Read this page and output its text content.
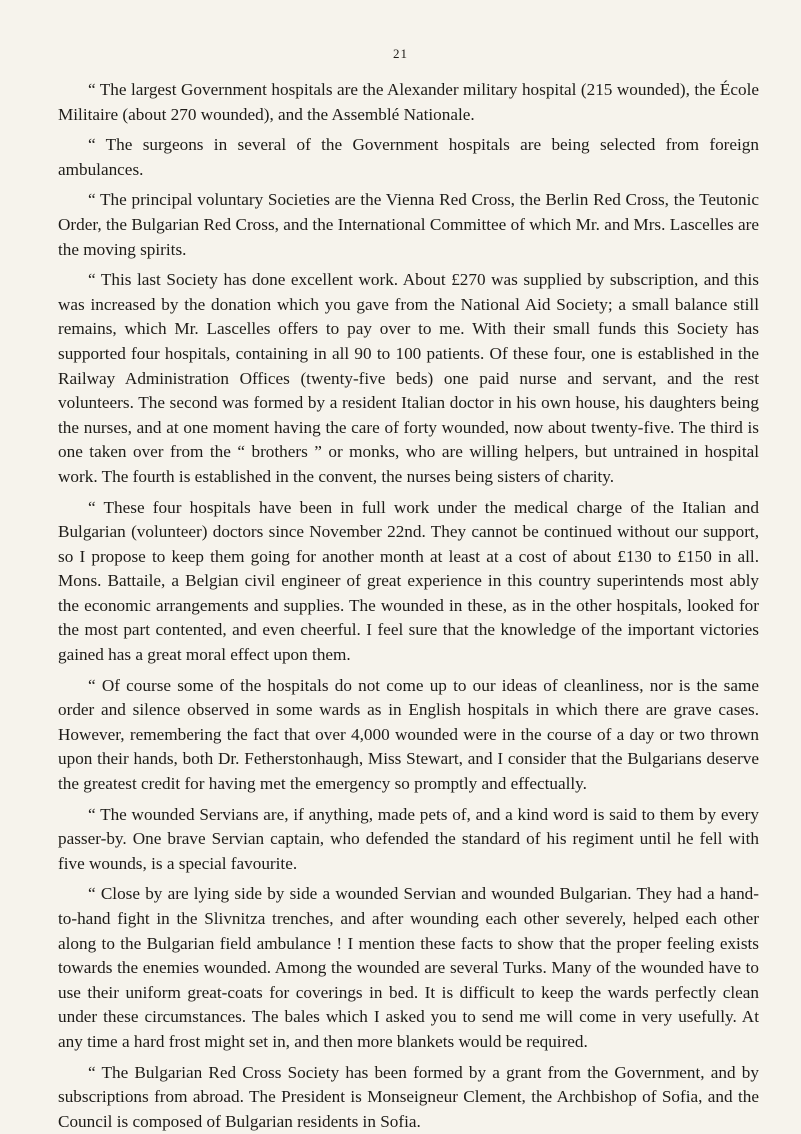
21

“ The largest Government hospitals are the Alexander military hospital (215 wounded), the École Militaire (about 270 wounded), and the Assemblé Nationale.

“ The surgeons in several of the Government hospitals are being selected from foreign ambulances.

“ The principal voluntary Societies are the Vienna Red Cross, the Berlin Red Cross, the Teutonic Order, the Bulgarian Red Cross, and the International Committee of which Mr. and Mrs. Lascelles are the moving spirits.

“ This last Society has done excellent work. About £270 was supplied by subscription, and this was increased by the donation which you gave from the National Aid Society; a small balance still remains, which Mr. Lascelles offers to pay over to me. With their small funds this Society has supported four hospitals, containing in all 90 to 100 patients. Of these four, one is established in the Railway Administration Offices (twenty-five beds) one paid nurse and servant, and the rest volunteers. The second was formed by a resident Italian doctor in his own house, his daughters being the nurses, and at one moment having the care of forty wounded, now about twenty-five. The third is one taken over from the “ brothers ” or monks, who are willing helpers, but untrained in hospital work. The fourth is established in the convent, the nurses being sisters of charity.

“ These four hospitals have been in full work under the medical charge of the Italian and Bulgarian (volunteer) doctors since November 22nd. They cannot be continued without our support, so I propose to keep them going for another month at least at a cost of about £130 to £150 in all. Mons. Battaile, a Belgian civil engineer of great experience in this country superintends most ably the economic arrangements and supplies. The wounded in these, as in the other hospitals, looked for the most part contented, and even cheerful. I feel sure that the knowledge of the important victories gained has a great moral effect upon them.

“ Of course some of the hospitals do not come up to our ideas of cleanliness, nor is the same order and silence observed in some wards as in English hospitals in which there are grave cases. However, remembering the fact that over 4,000 wounded were in the course of a day or two thrown upon their hands, both Dr. Fetherstonhaugh, Miss Stewart, and I consider that the Bulgarians deserve the greatest credit for having met the emergency so promptly and effectually.

“ The wounded Servians are, if anything, made pets of, and a kind word is said to them by every passer-by. One brave Servian captain, who defended the standard of his regiment until he fell with five wounds, is a special favourite.

“ Close by are lying side by side a wounded Servian and wounded Bulgarian. They had a hand-to-hand fight in the Slivnitza trenches, and after wounding each other severely, helped each other along to the Bulgarian field ambulance ! I mention these facts to show that the proper feeling exists towards the enemies wounded. Among the wounded are several Turks. Many of the wounded have to use their uniform great-coats for coverings in bed. It is difficult to keep the wards perfectly clean under these circumstances. The bales which I asked you to send me will come in very usefully. At any time a hard frost might set in, and then more blankets would be required.

“ The Bulgarian Red Cross Society has been formed by a grant from the Government, and by subscriptions from abroad. The President is Monseigneur Clement, the Archbishop of Sofia, and the Council is composed of Bulgarian residents in Sofia.
